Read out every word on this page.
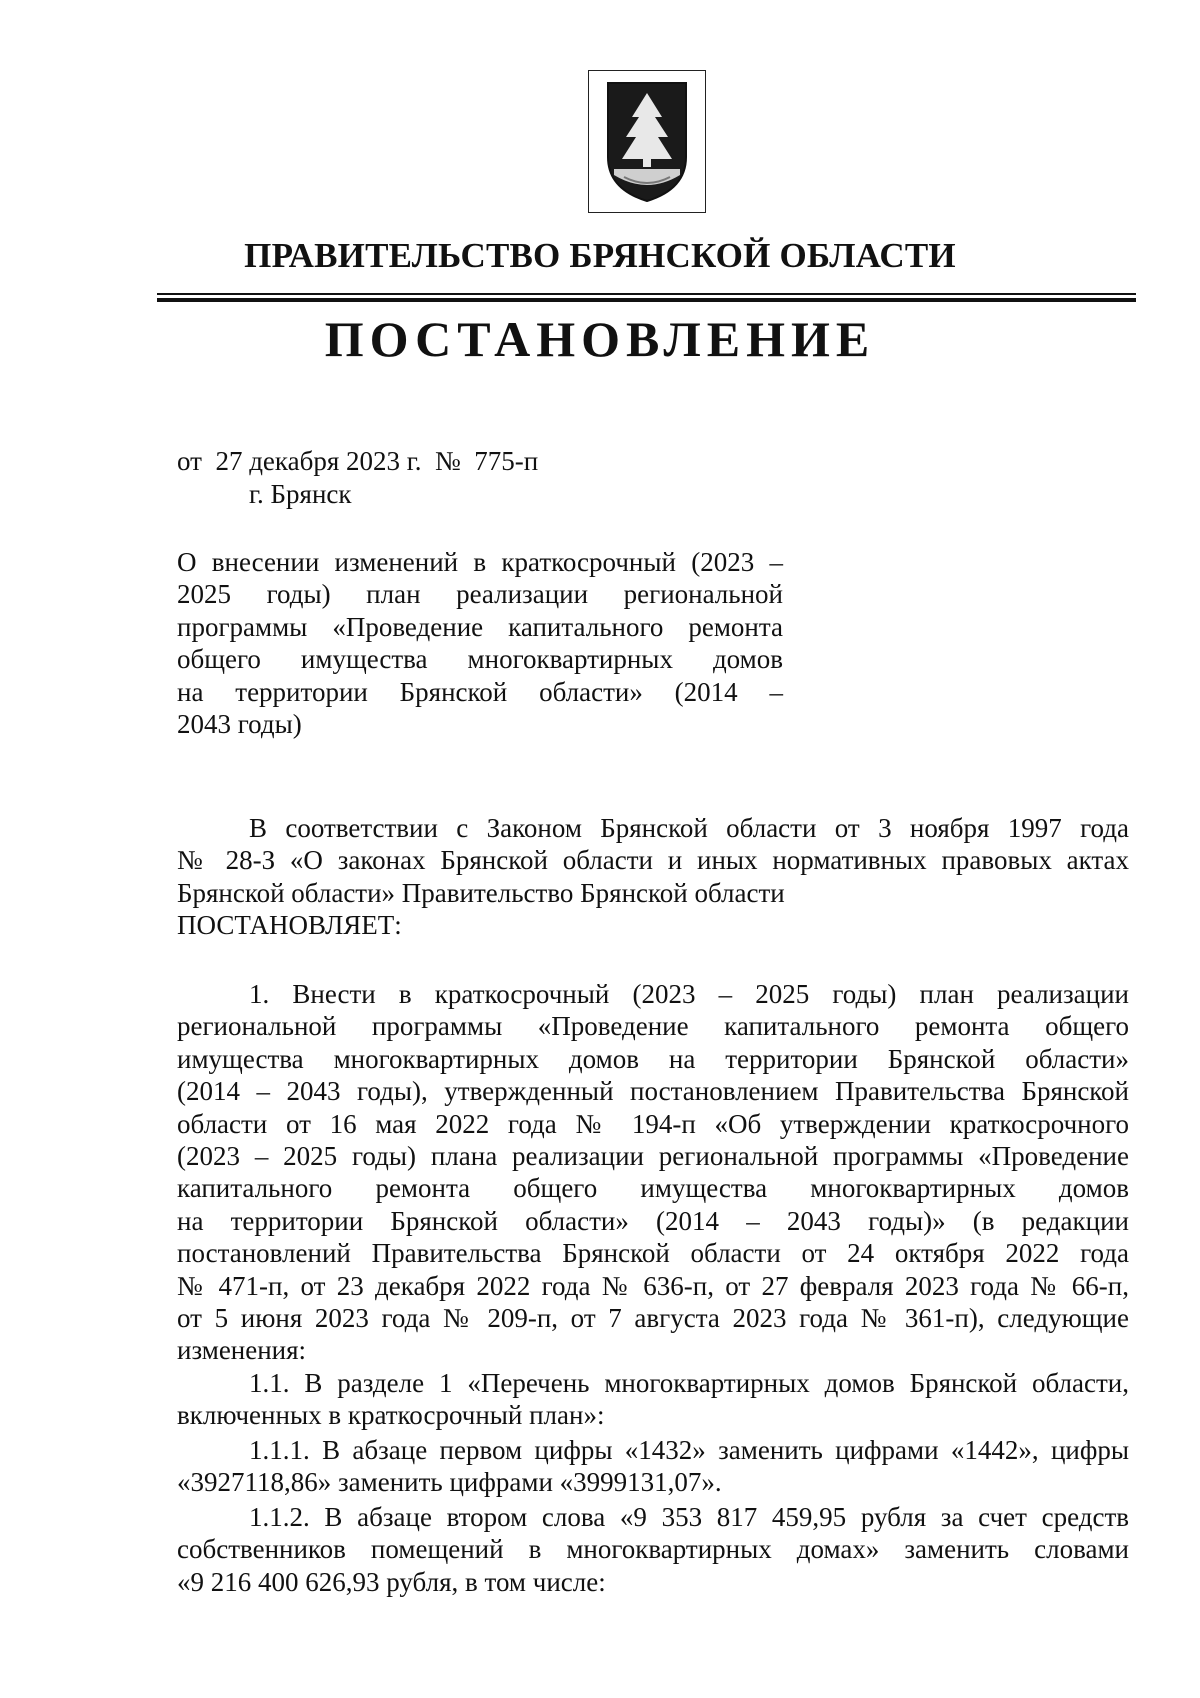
ПРАВИТЕЛЬСТВО БРЯНСКОЙ ОБЛАСТИ
ПОСТАНОВЛЕНИЕ
от  27 декабря 2023 г.  №  775-п
г. Брянск
О внесении изменений в краткосрочный (2023 –
2025 годы) план реализации региональной
программы «Проведение капитального ремонта
общего имущества многоквартирных домов
на территории Брянской области» (2014 –
2043 годы)
В соответствии с Законом Брянской области от 3 ноября 1997 года
№ 28-З «О законах Брянской области и иных нормативных правовых актах
Брянской области» Правительство Брянской области
ПОСТАНОВЛЯЕТ:
1. Внести в краткосрочный (2023 – 2025 годы) план реализации
региональной программы «Проведение капитального ремонта общего
имущества многоквартирных домов на территории Брянской области»
(2014 – 2043 годы), утвержденный постановлением Правительства Брянской
области от 16 мая 2022 года № 194-п «Об утверждении краткосрочного
(2023 – 2025 годы) плана реализации региональной программы «Проведение
капитального ремонта общего имущества многоквартирных домов
на территории Брянской области» (2014 – 2043 годы)» (в редакции
постановлений Правительства Брянской области от 24 октября 2022 года
№ 471-п, от 23 декабря 2022 года № 636-п, от 27 февраля 2023 года № 66-п,
от 5 июня 2023 года № 209-п, от 7 августа 2023 года № 361-п), следующие
изменения:
1.1. В разделе 1 «Перечень многоквартирных домов Брянской области,
включенных в краткосрочный план»:
1.1.1. В абзаце первом цифры «1432» заменить цифрами «1442», цифры
«3927118,86» заменить цифрами «3999131,07».
1.1.2. В абзаце втором слова «9 353 817 459,95 рубля за счет средств
собственников помещений в многоквартирных домах» заменить словами
«9 216 400 626,93 рубля, в том числе:
